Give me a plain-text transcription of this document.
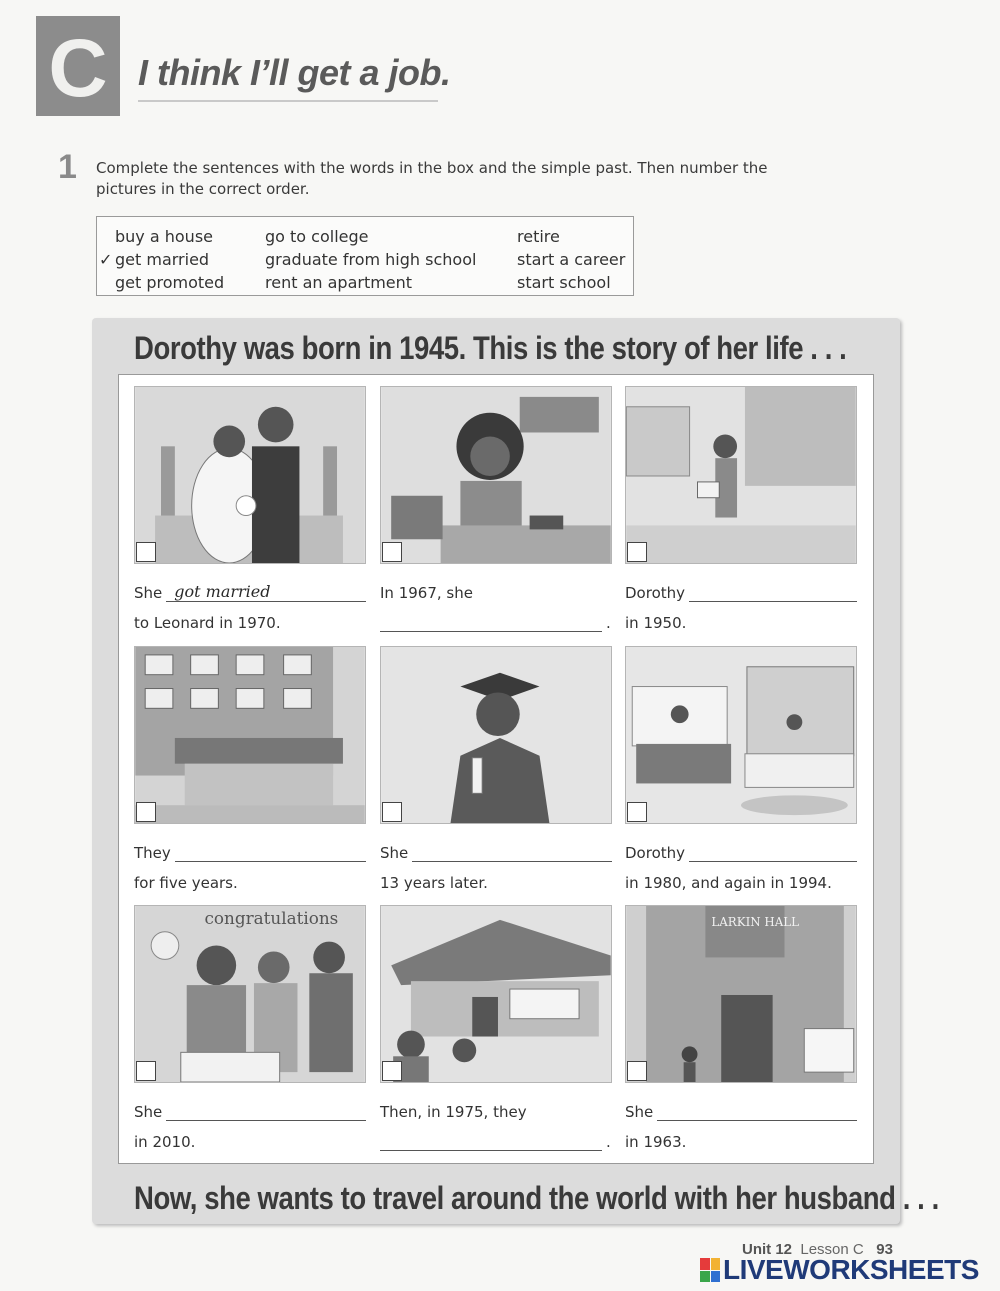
C I think I’ll get a job.
1 Complete the sentences with the words in the box and the simple past. Then number the pictures in the correct order.
buy a house
✓ get married
get promoted
go to college
graduate from high school
rent an apartment
retire
start a career
start school
Dorothy was born in 1945. This is the story of her life . . .
She got married
to Leonard in 1970.
In 1967, she
.
Dorothy
in 1950.
They
for five years.
She
13 years later.
Dorothy
in 1980, and again in 1994.
congratulations
She
in 2010.
Then, in 1975, they
.
LARKIN HALL
She
in 1963.
Now, she wants to travel around the world with her husband . . .
Unit 12 Lesson C 93
LIVEWORKSHEETS
